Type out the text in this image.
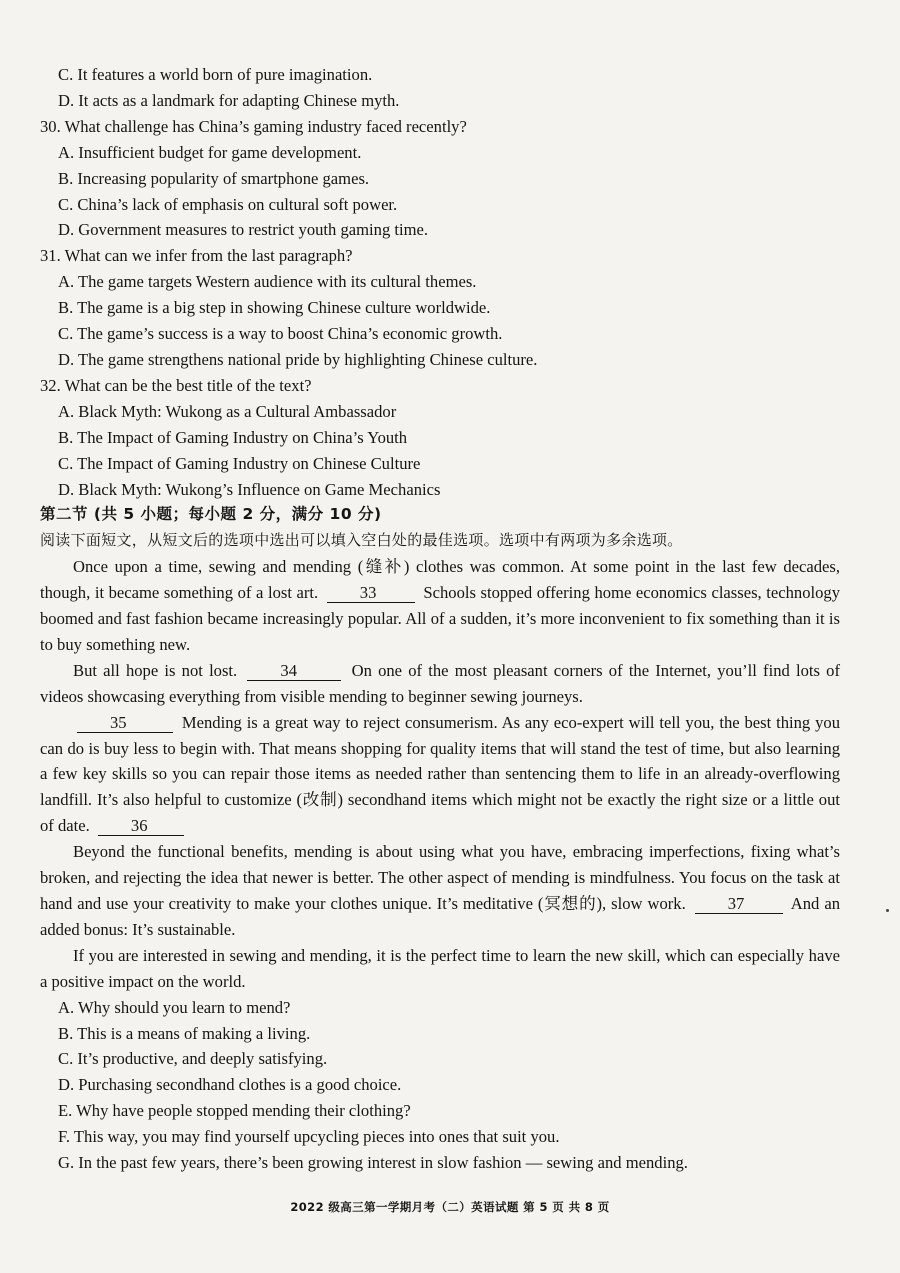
C. It features a world born of pure imagination.
D. It acts as a landmark for adapting Chinese myth.
30. What challenge has China’s gaming industry faced recently?
A. Insufficient budget for game development.
B. Increasing popularity of smartphone games.
C. China’s lack of emphasis on cultural soft power.
D. Government measures to restrict youth gaming time.
31. What can we infer from the last paragraph?
A. The game targets Western audience with its cultural themes.
B. The game is a big step in showing Chinese culture worldwide.
C. The game’s success is a way to boost China’s economic growth.
D. The game strengthens national pride by highlighting Chinese culture.
32. What can be the best title of the text?
A. Black Myth: Wukong as a Cultural Ambassador
B. The Impact of Gaming Industry on China’s Youth
C. The Impact of Gaming Industry on Chinese Culture
D. Black Myth: Wukong’s Influence on Game Mechanics
第二节 (共 5 小题；每小题 2 分，满分 10 分)
阅读下面短文，从短文后的选项中选出可以填入空白处的最佳选项。选项中有两项为多余选项。

Once upon a time, sewing and mending (缝补) clothes was common. At some point in the last few decades, though, it became something of a lost art.	33	Schools stopped offering home economics classes, technology boomed and fast fashion became increasingly popular. All of a sudden, it’s more inconvenient to fix something than it is to buy something new.

But all hope is not lost.	34	On one of the most pleasant corners of the Internet, you’ll find lots of videos showcasing everything from visible mending to beginner sewing journeys.

35	Mending is a great way to reject consumerism. As any eco-expert will tell you, the best thing you can do is buy less to begin with. That means shopping for quality items that will stand the test of time, but also learning a few key skills so you can repair those items as needed rather than sentencing them to life in an already-overflowing landfill. It’s also helpful to customize (改制) secondhand items which might not be exactly the right size or a little out of date. 36

Beyond the functional benefits, mending is about using what you have, embracing imperfections, fixing what’s broken, and rejecting the idea that newer is better. The other aspect of mending is mindfulness. You focus on the task at hand and use your creativity to make your clothes unique. It’s meditative (冥想的), slow work.	37	And an added bonus: It’s sustainable.

If you are interested in sewing and mending, it is the perfect time to learn the new skill, which can especially have a positive impact on the world.

A. Why should you learn to mend?
B. This is a means of making a living.
C. It’s productive, and deeply satisfying.
D. Purchasing secondhand clothes is a good choice.
E. Why have people stopped mending their clothing?
F. This way, you may find yourself upcycling pieces into ones that suit you.
G. In the past few years, there’s been growing interest in slow fashion — sewing and mending.
2022 级高三第一学期月考（二）英语试题 第 5 页 共 8 页
